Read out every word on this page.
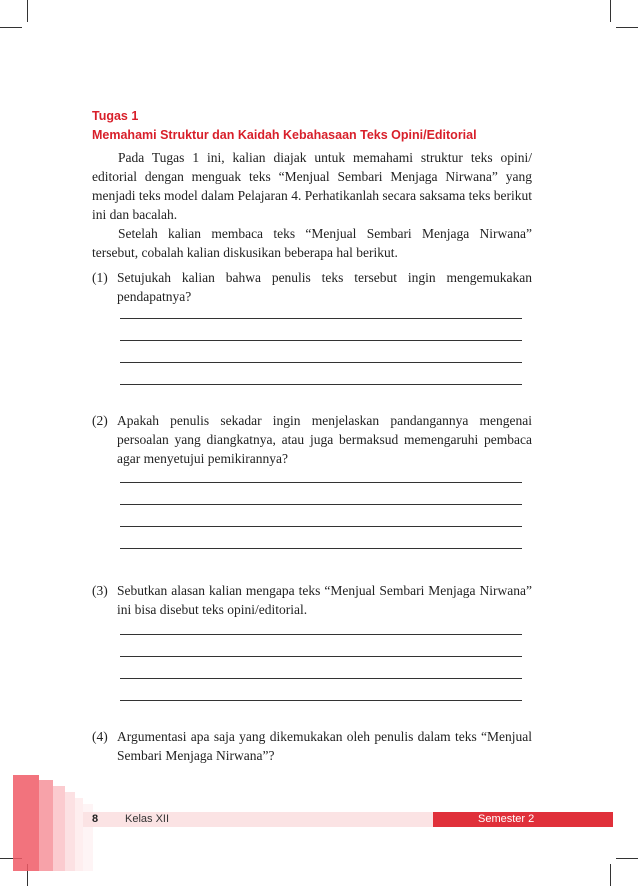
Tugas 1
Memahami Struktur dan Kaidah Kebahasaan Teks Opini/Editorial
Pada Tugas 1 ini, kalian diajak untuk memahami struktur teks opini/ editorial dengan menguak teks “Menjual Sembari Menjaga Nirwana” yang menjadi teks model dalam Pelajaran 4. Perhatikanlah secara saksama teks berikut ini dan bacalah.
Setelah kalian membaca teks “Menjual Sembari Menjaga Nirwana” tersebut, cobalah kalian diskusikan beberapa hal berikut.
(1) Setujukah kalian bahwa penulis teks tersebut ingin mengemukakan pendapatnya?
(2) Apakah penulis sekadar ingin menjelaskan pandangannya mengenai persoalan yang diangkatnya, atau juga bermaksud memengaruhi pembaca agar menyetujui pemikirannya?
(3) Sebutkan alasan kalian mengapa teks “Menjual Sembari Menjaga Nirwana” ini bisa disebut teks opini/editorial.
(4) Argumentasi apa saja yang dikemukakan oleh penulis dalam teks “Menjual Sembari Menjaga Nirwana”?
8 Kelas XII	Semester 2
